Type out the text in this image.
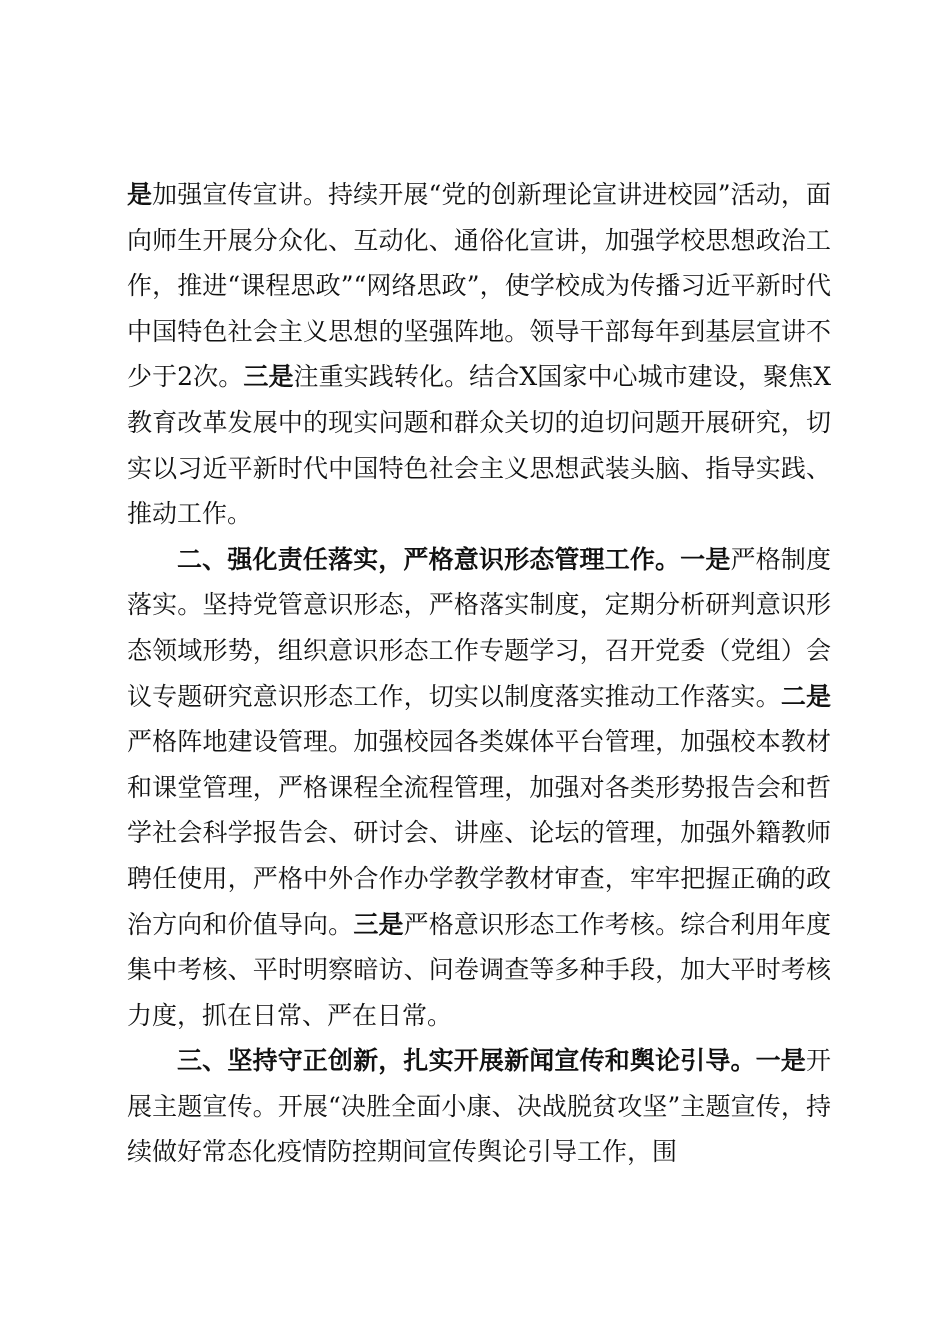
是加强宣传宣讲。持续开展“党的创新理论宣讲进校园”活动，面向师生开展分众化、互动化、通俗化宣讲，加强学校思想政治工作，推进“课程思政”“网络思政”，使学校成为传播习近平新时代中国特色社会主义思想的坚强阵地。领导干部每年到基层宣讲不少于2次。三是注重实践转化。结合X国家中心城市建设，聚焦X教育改革发展中的现实问题和群众关切的迫切问题开展研究，切实以习近平新时代中国特色社会主义思想武装头脑、指导实践、推动工作。

二、强化责任落实，严格意识形态管理工作。一是严格制度落实。坚持党管意识形态，严格落实制度，定期分析研判意识形态领域形势，组织意识形态工作专题学习，召开党委（党组）会议专题研究意识形态工作，切实以制度落实推动工作落实。二是严格阵地建设管理。加强校园各类媒体平台管理，加强校本教材和课堂管理，严格课程全流程管理，加强对各类形势报告会和哲学社会科学报告会、研讨会、讲座、论坛的管理，加强外籍教师聘任使用，严格中外合作办学教学教材审查，牢牢把握正确的政治方向和价值导向。三是严格意识形态工作考核。综合利用年度集中考核、平时明察暗访、问卷调查等多种手段，加大平时考核力度，抓在日常、严在日常。

三、坚持守正创新，扎实开展新闻宣传和舆论引导。一是开展主题宣传。开展“决胜全面小康、决战脱贫攻坚”主题宣传，持续做好常态化疫情防控期间宣传舆论引导工作，围
